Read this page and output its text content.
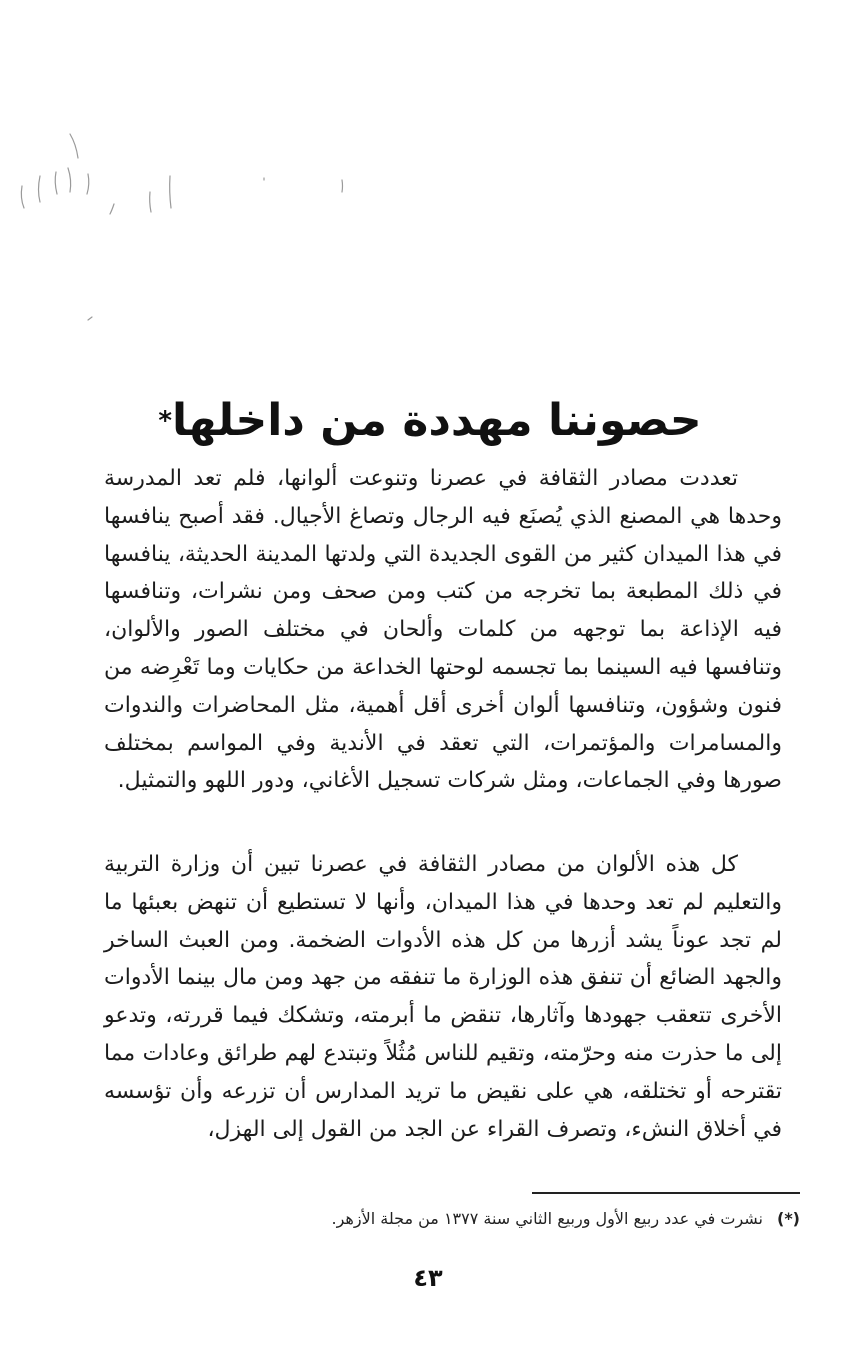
حصوننا مهددة من داخلها*

تعددت مصادر الثقافة في عصرنا وتنوعت ألوانها، فلم تعد المدرسة وحدها هي المصنع الذي يُصنَع فيه الرجال وتصاغ الأجيال. فقد أصبح ينافسها في هذا الميدان كثير من القوى الجديدة التي ولدتها المدينة الحديثة، ينافسها في ذلك المطبعة بما تخرجه من كتب ومن صحف ومن نشرات، وتنافسها فيه الإذاعة بما توجهه من كلمات وألحان في مختلف الصور والألوان، وتنافسها فيه السينما بما تجسمه لوحتها الخداعة من حكايات وما تَعْرِضه من فنون وشؤون، وتنافسها ألوان أخرى أقل أهمية، مثل المحاضرات والندوات والمسامرات والمؤتمرات، التي تعقد في الأندية وفي المواسم بمختلف صورها وفي الجماعات، ومثل شركات تسجيل الأغاني، ودور اللهو والتمثيل.

كل هذه الألوان من مصادر الثقافة في عصرنا تبين أن وزارة التربية والتعليم لم تعد وحدها في هذا الميدان، وأنها لا تستطيع أن تنهض بعبئها ما لم تجد عوناً يشد أزرها من كل هذه الأدوات الضخمة. ومن العبث الساخر والجهد الضائع أن تنفق هذه الوزارة ما تنفقه من جهد ومن مال بينما الأدوات الأخرى تتعقب جهودها وآثارها، تنقض ما أبرمته، وتشكك فيما قررته، وتدعو إلى ما حذرت منه وحرّمته، وتقيم للناس مُثُلاً وتبتدع لهم طرائق وعادات مما تقترحه أو تختلقه، هي على نقيض ما تريد المدارس أن تزرعه وأن تؤسسه في أخلاق النشء، وتصرف القراء عن الجد من القول إلى الهزل،

(*)نشرت في عدد ربيع الأول وربيع الثاني سنة ١٣٧٧ من مجلة الأزهر.
٤٣
